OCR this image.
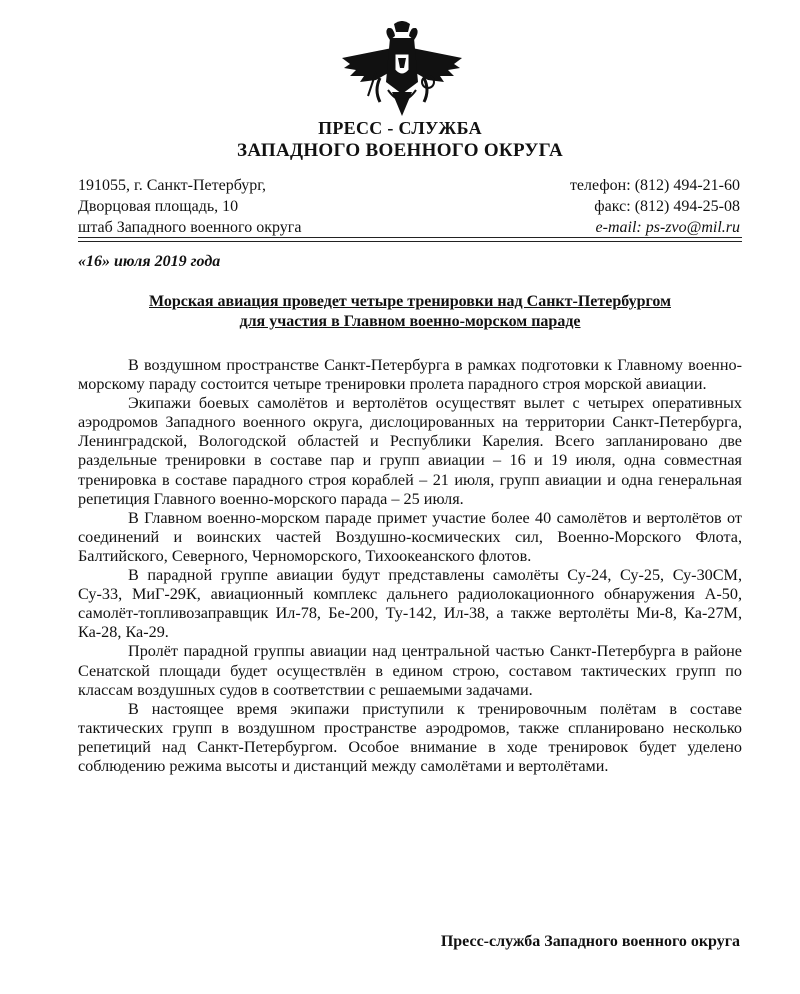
ПРЕСС - СЛУЖБА
ЗАПАДНОГО ВОЕННОГО ОКРУГА
191055, г. Санкт-Петербург,
Дворцовая площадь, 10
штаб Западного военного округа
телефон: (812) 494-21-60
факс: (812) 494-25-08
e-mail: ps-zvo@mil.ru
«16» июля 2019 года
Морская авиация проведет четыре тренировки над Санкт-Петербургом
для участия в Главном военно-морском параде

В воздушном пространстве Санкт-Петербурга в рамках подготовки к Главному военно-морскому параду состоится четыре тренировки пролета парадного строя морской авиации.

Экипажи боевых самолётов и вертолётов осуществят вылет с четырех оперативных аэродромов Западного военного округа, дислоцированных на территории Санкт-Петербурга, Ленинградской, Вологодской областей и Республики Карелия. Всего запланировано две раздельные тренировки в составе пар и групп авиации – 16 и 19 июля, одна совместная тренировка в составе парадного строя кораблей – 21 июля, групп авиации и одна генеральная репетиция Главного военно-морского парада – 25 июля.

В Главном военно-морском параде примет участие более 40 самолётов и вертолётов от соединений и воинских частей Воздушно-космических сил, Военно-Морского Флота, Балтийского, Северного, Черноморского, Тихоокеанского флотов.

В парадной группе авиации будут представлены самолёты Су-24, Су-25, Су-30СМ, Су-33, МиГ-29К, авиационный комплекс дальнего радиолокационного обнаружения А-50, самолёт-топливозаправщик Ил-78, Бе-200, Ту-142, Ил-38, а также вертолёты Ми-8, Ка-27М, Ка-28, Ка-29.

Пролёт парадной группы авиации над центральной частью Санкт-Петербурга в районе Сенатской площади будет осуществлён в едином строю, составом тактических групп по классам воздушных судов в соответствии с решаемыми задачами.

В настоящее время экипажи приступили к тренировочным полётам в составе тактических групп в воздушном пространстве аэродромов, также спланировано несколько репетиций над Санкт-Петербургом. Особое внимание в ходе тренировок будет уделено соблюдению режима высоты и дистанций между самолётами и вертолётами.

Пресс-служба Западного военного округа
